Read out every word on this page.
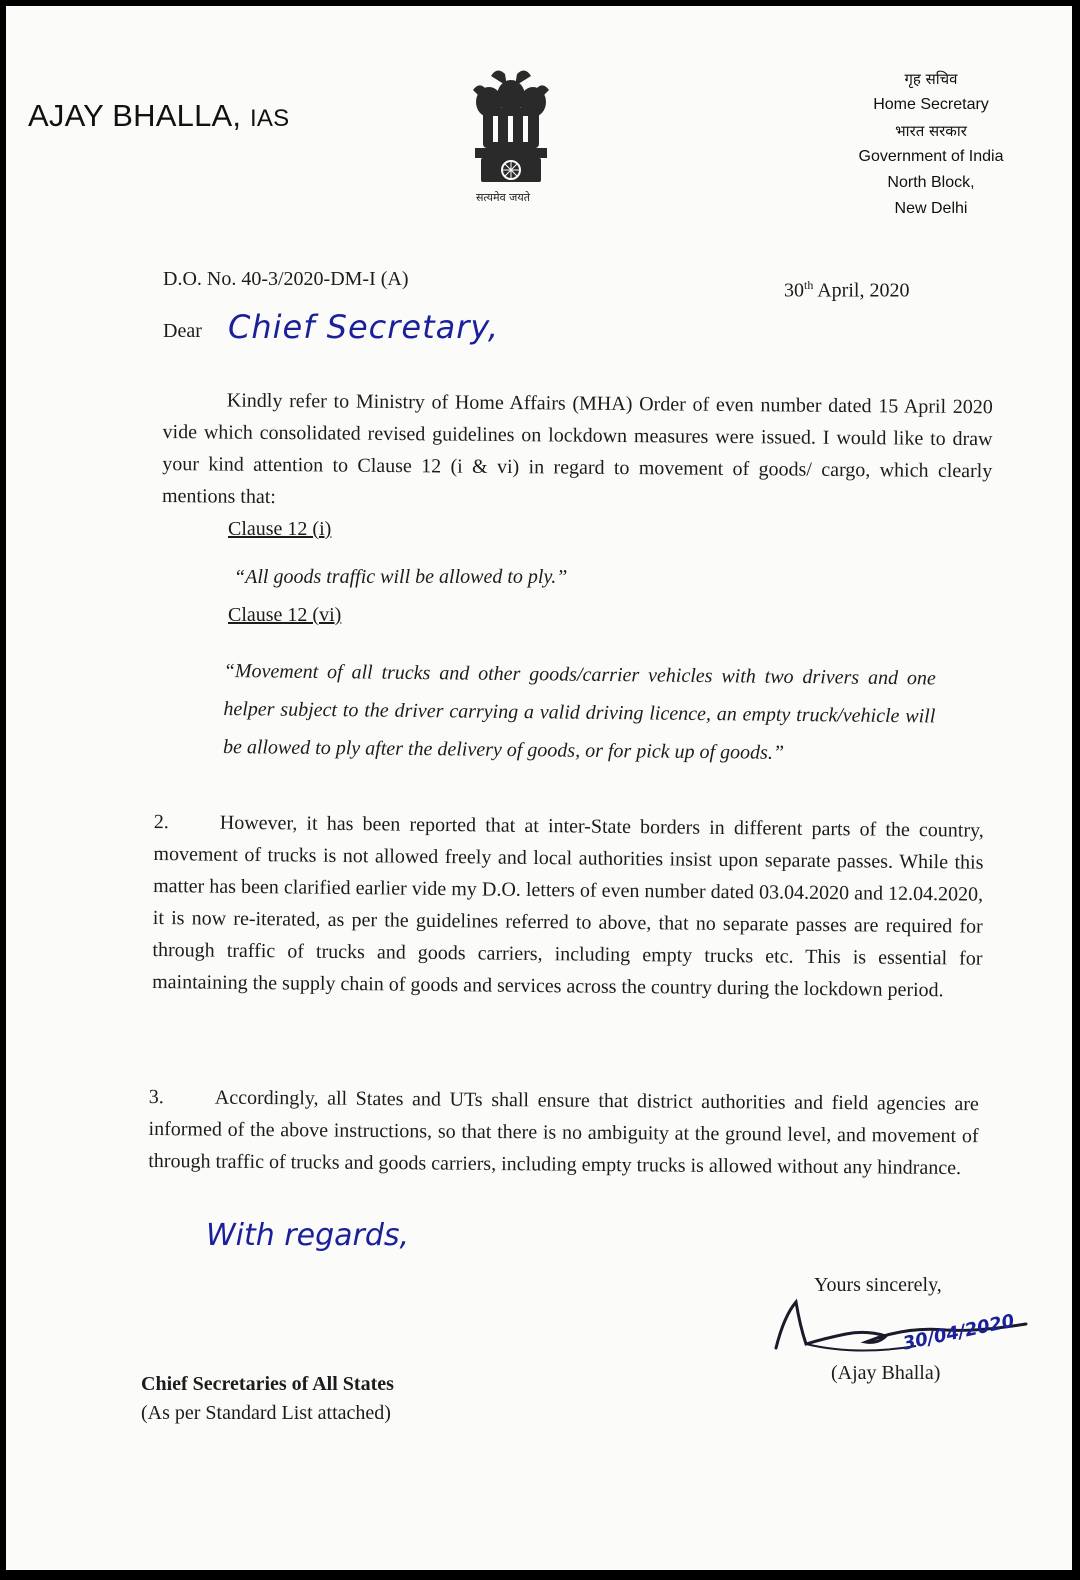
AJAY BHALLA, IAS
सत्यमेव जयते
गृह सचिव
Home Secretary
भारत सरकार
Government of India
North Block,
New Delhi
D.O. No. 40-3/2020-DM-I (A)
30th April, 2020
Dear Chief Secretary,
Kindly refer to Ministry of Home Affairs (MHA) Order of even number dated 15 April 2020 vide which consolidated revised guidelines on lockdown measures were issued. I would like to draw your kind attention to Clause 12 (i & vi) in regard to movement of goods/ cargo, which clearly mentions that:
Clause 12 (i)
“All goods traffic will be allowed to ply.”
Clause 12 (vi)
“Movement of all trucks and other goods/carrier vehicles with two drivers and one helper subject to the driver carrying a valid driving licence, an empty truck/vehicle will be allowed to ply after the delivery of goods, or for pick up of goods.”
2.	However, it has been reported that at inter-State borders in different parts of the country, movement of trucks is not allowed freely and local authorities insist upon separate passes. While this matter has been clarified earlier vide my D.O. letters of even number dated 03.04.2020 and 12.04.2020, it is now re-iterated, as per the guidelines referred to above, that no separate passes are required for through traffic of trucks and goods carriers, including empty trucks etc. This is essential for maintaining the supply chain of goods and services across the country during the lockdown period.
3.	Accordingly, all States and UTs shall ensure that district authorities and field agencies are informed of the above instructions, so that there is no ambiguity at the ground level, and movement of through traffic of trucks and goods carriers, including empty trucks is allowed without any hindrance.
With regards,
Yours sincerely,
30/04/2020
(Ajay Bhalla)
Chief Secretaries of All States
(As per Standard List attached)
